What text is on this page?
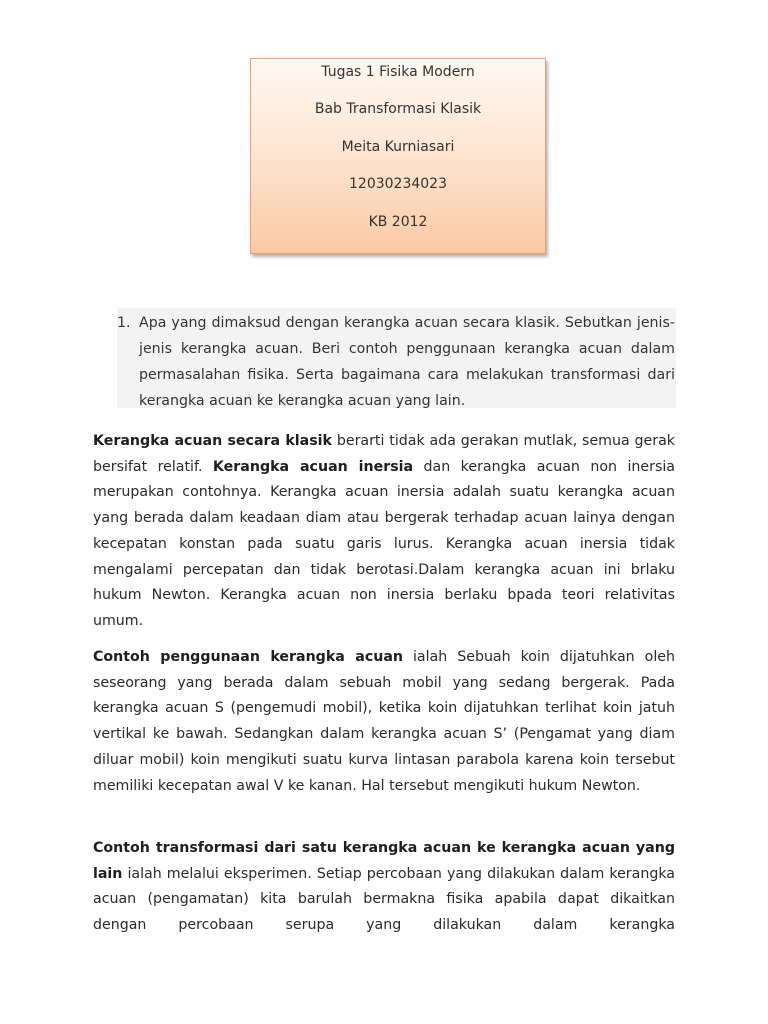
Tugas 1 Fisika Modern
Bab Transformasi Klasik
Meita Kurniasari
12030234023
KB 2012
1. Apa yang dimaksud dengan kerangka acuan secara klasik. Sebutkan jenis-jenis kerangka acuan. Beri contoh penggunaan kerangka acuan dalam permasalahan fisika. Serta bagaimana cara melakukan transformasi dari kerangka acuan ke kerangka acuan yang lain.

Kerangka acuan secara klasik berarti tidak ada gerakan mutlak, semua gerak bersifat relatif. Kerangka acuan inersia dan kerangka acuan non inersia merupakan contohnya. Kerangka acuan inersia adalah suatu kerangka acuan yang berada dalam keadaan diam atau bergerak terhadap acuan lainya dengan kecepatan konstan pada suatu garis lurus. Kerangka acuan inersia tidak mengalami percepatan dan tidak berotasi.Dalam kerangka acuan ini brlaku hukum Newton. Kerangka acuan non inersia berlaku bpada teori relativitas umum.

Contoh penggunaan kerangka acuan ialah Sebuah koin dijatuhkan oleh seseorang yang berada dalam sebuah mobil yang sedang bergerak. Pada kerangka acuan S (pengemudi mobil), ketika koin dijatuhkan terlihat koin jatuh vertikal ke bawah. Sedangkan dalam kerangka acuan S’ (Pengamat yang diam diluar mobil) koin mengikuti suatu kurva lintasan parabola karena koin tersebut memiliki kecepatan awal V ke kanan. Hal tersebut mengikuti hukum Newton.

Contoh transformasi dari satu kerangka acuan ke kerangka acuan yang lain ialah melalui eksperimen. Setiap percobaan yang dilakukan dalam kerangka acuan (pengamatan) kita barulah bermakna fisika apabila dapat dikaitkan dengan percobaan serupa yang dilakukan dalam kerangka
